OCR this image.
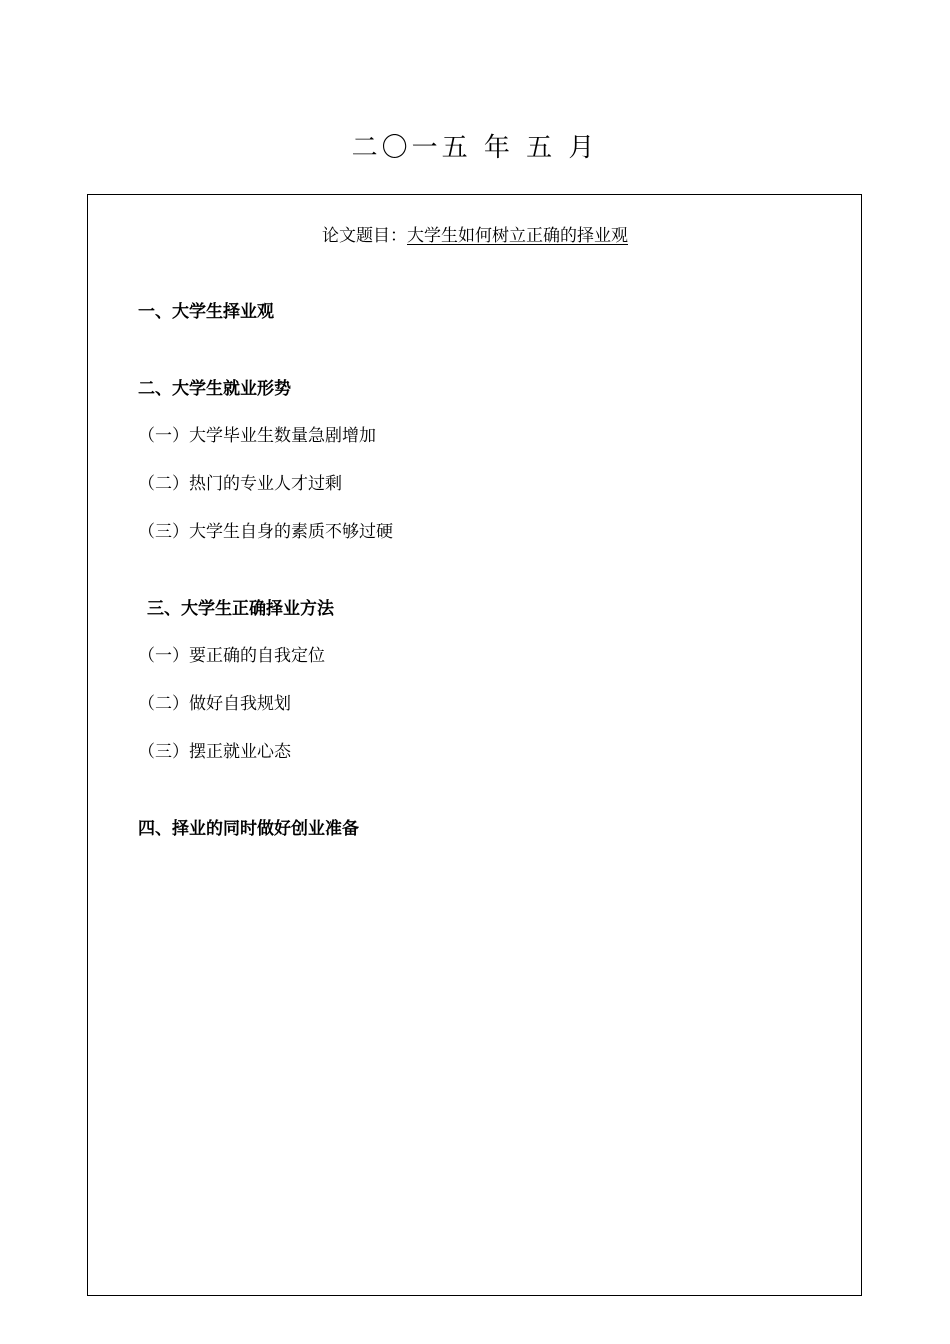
二〇一五 年 五 月
论文题目：大学生如何树立正确的择业观
一、大学生择业观
二、大学生就业形势
（一）大学毕业生数量急剧增加
（二）热门的专业人才过剩
（三）大学生自身的素质不够过硬
三、大学生正确择业方法
（一）要正确的自我定位
（二）做好自我规划
（三）摆正就业心态
四、择业的同时做好创业准备
